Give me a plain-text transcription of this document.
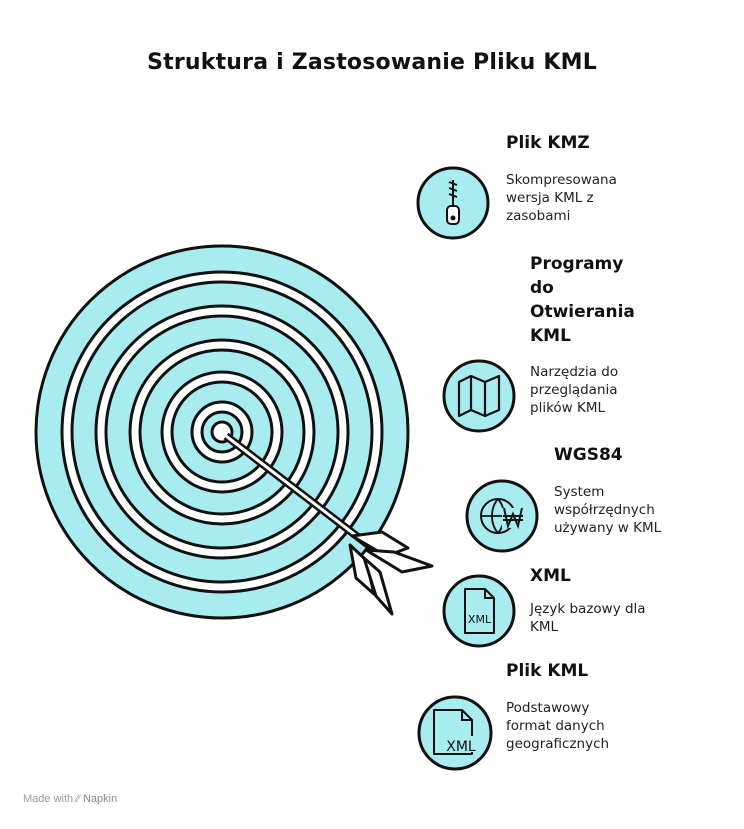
Struktura i Zastosowanie Pliku KML
Plik KMZ
Skompresowana
wersja KML z
zasobami
Programy
do
Otwierania
KML
Narzędzia do
przeglądania
plików KML
WGS84
System
współrzędnych
używany w KML
XML
XML
Język bazowy dla
KML
Plik KML
XML
Podstawowy
format danych
geograficznych
Made with ⁄⁄ Napkin
